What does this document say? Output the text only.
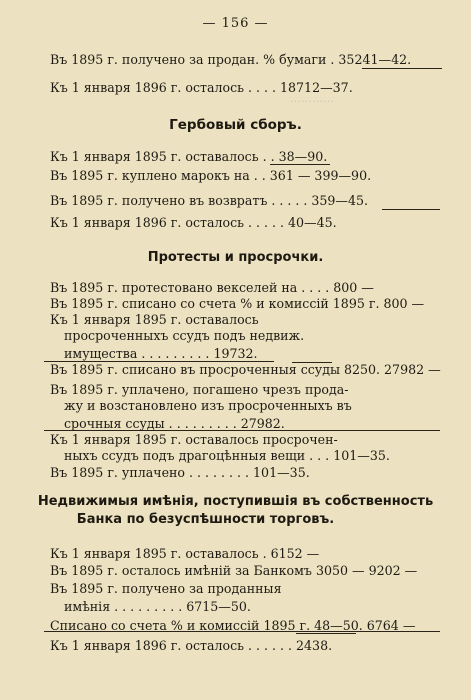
…………
— 156 —
Въ 1895 г. получено за продан. % бумаги . 35241—42.
Къ 1 января 1896 г. осталось . . . . 18712—37.
Гербовый сборъ.
Къ 1 января 1895 г. оставалось . . 38—90.
Въ 1895 г. куплено марокъ на . . 361 — 399—90.
Въ 1895 г. получено въ возвратъ . . . . . 359—45.
Къ 1 января 1896 г. осталось . . . . . 40—45.
Протесты и просрочки.
Въ 1895 г. протестовано векселей на . . . . 800 —
Въ 1895 г. списано со счета % и комиссій 1895 г. 800 —
Къ 1 января 1895 г. оставалось
просроченныхъ ссудъ подъ недвиж.
имущества . . . . . . . . . 19732.
Въ 1895 г. списано въ просроченныя ссуды 8250. 27982 —
Въ 1895 г. уплачено, погашено чрезъ прода-
жу и возстановлено изъ просроченныхъ въ
срочныя ссуды . . . . . . . . . 27982.
Къ 1 января 1895 г. оставалось просрочен-
ныхъ ссудъ подъ драгоцѣнныя вещи . . . 101—35.
Въ 1895 г. уплачено . . . . . . . . 101—35.
Недвижимыя имѣнія, поступившія въ собственность
Банка по безуспѣшности торговъ.
Къ 1 января 1895 г. оставалось . 6152 —
Въ 1895 г. осталось имѣній за Банкомъ 3050 — 9202 —
Въ 1895 г. получено за проданныя
имѣнія . . . . . . . . . 6715—50.
Списано со счета % и комиссій 1895 г. 48—50. 6764 —
Къ 1 января 1896 г. осталось . . . . . . 2438.
